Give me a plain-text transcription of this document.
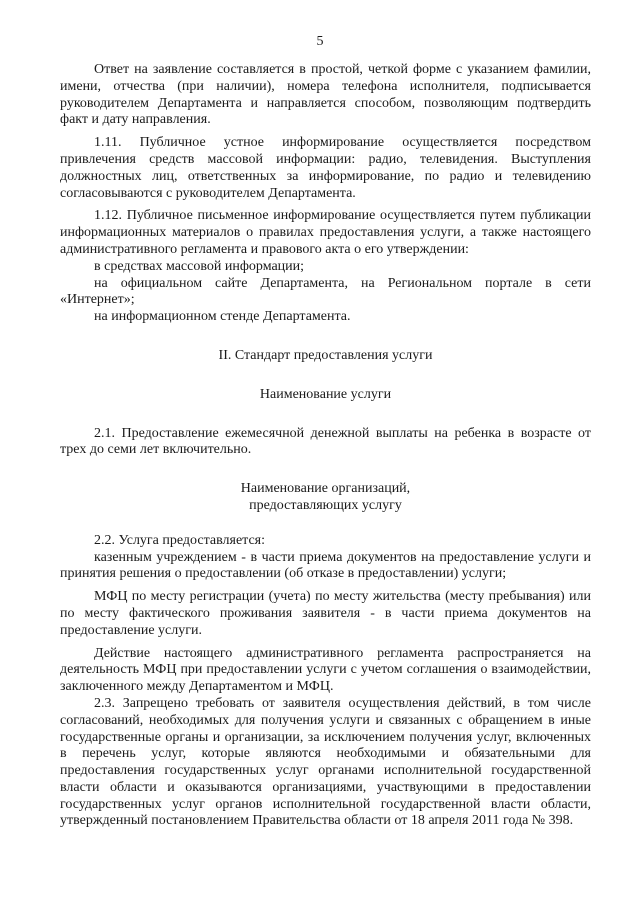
5

Ответ на заявление составляется в простой, четкой форме с указанием фамилии, имени, отчества (при наличии), номера телефона исполнителя, подписывается руководителем Департамента и направляется способом, позволяющим подтвердить факт и дату направления.

1.11. Публичное устное информирование осуществляется посредством привлечения средств массовой информации: радио, телевидения. Выступления должностных лиц, ответственных за информирование, по радио и телевидению согласовываются с руководителем Департамента.

1.12. Публичное письменное информирование осуществляется путем публикации информационных материалов о правилах предоставления услуги, а также настоящего административного регламента и правового акта о его утверждении:

в средствах массовой информации;

на официальном сайте Департамента, на Региональном портале в сети «Интернет»;

на информационном стенде Департамента.

II. Стандарт предоставления услуги

Наименование услуги

2.1. Предоставление ежемесячной денежной выплаты на ребенка в возрасте от трех до семи лет включительно.

Наименование организаций,

предоставляющих услугу

2.2. Услуга предоставляется:

казенным учреждением - в части приема документов на предоставление услуги и принятия решения о предоставлении (об отказе в предоставлении) услуги;

МФЦ по месту регистрации (учета) по месту жительства (месту пребывания) или по месту фактического проживания заявителя - в части приема документов на предоставление услуги.

Действие настоящего административного регламента распространяется на деятельность МФЦ при предоставлении услуги с учетом соглашения о взаимодействии, заключенного между Департаментом и МФЦ.

2.3. Запрещено требовать от заявителя осуществления действий, в том числе согласований, необходимых для получения услуги и связанных с обращением в иные государственные органы и организации, за исключением получения услуг, включенных в перечень услуг, которые являются необходимыми и обязательными для предоставления государственных услуг органами исполнительной государственной власти области и оказываются организациями, участвующими в предоставлении государственных услуг органов исполнительной государственной власти области, утвержденный постановлением Правительства области от 18 апреля 2011 года № 398.
